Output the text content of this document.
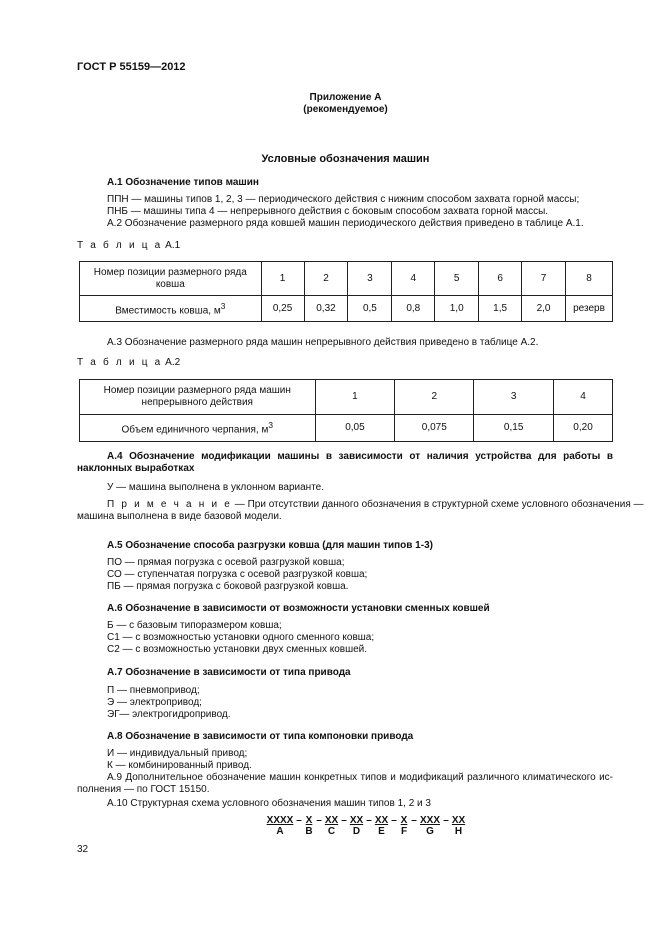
ГОСТ Р 55159—2012
Приложение А
(рекомендуемое)
Условные обозначения машин
А.1 Обозначение типов машин
ППН — машины типов 1, 2, 3 — периодического действия с нижним способом захвата горной массы;
ПНБ — машины типа 4 — непрерывного действия с боковым способом захвата горной массы.
А.2 Обозначение размерного ряда ковшей машин периодического действия приведено в таблице А.1.
Т а б л и ц а А.1
Номер позиции размерного ряда ковша	1	2	3	4	5	6	7	8
Вместимость ковша, $м^3$	0,25	0,32	0,5	0,8	1,0	1,5	2,0	резерв
А.3 Обозначение размерного ряда машин непрерывного действия приведено в таблице А.2.
Т а б л и ц а А.2
Номер позиции размерного ряда машин непрерывного действия	1	2	3	4
Объем единичного черпания, $м^3$	0,05	0,075	0,15	0,20
А.4 Обозначение модификации машины в зависимости от наличия устройства для работы в
наклонных выработках
У — машина выполнена в уклонном варианте.
П р и м е ч а н и е — При отсутствии данного обозначения в структурной схеме условного обозначения —
машина выполнена в виде базовой модели.
А.5 Обозначение способа разгрузки ковша (для машин типов 1-3)
ПО — прямая погрузка с осевой разгрузкой ковша;
СО — ступенчатая погрузка с осевой разгрузкой ковша;
ПБ — прямая погрузка с боковой разгрузкой ковша.
А.6 Обозначение в зависимости от возможности установки сменных ковшей
Б — с базовым типоразмером ковша;
С1 — с возможностью установки одного сменного ковша;
С2 — с возможностью установки двух сменных ковшей.
А.7 Обозначение в зависимости от типа привода
П — пневмопривод;
Э — электропривод;
ЭГ— электрогидропривод.
А.8 Обозначение в зависимости от типа компоновки привода
И — индивидуальный привод;
К — комбинированный привод.
А.9 Дополнительное обозначение машин конкретных типов и модификаций различного климатического ис-
полнения — по ГОСТ 15150.
А.10 Структурная схема условного обозначения машин типов 1, 2 и 3
XXXX – X – XX – XX – XX – X – XXX – XX
A	B	C	D	E	F	G	H
32
